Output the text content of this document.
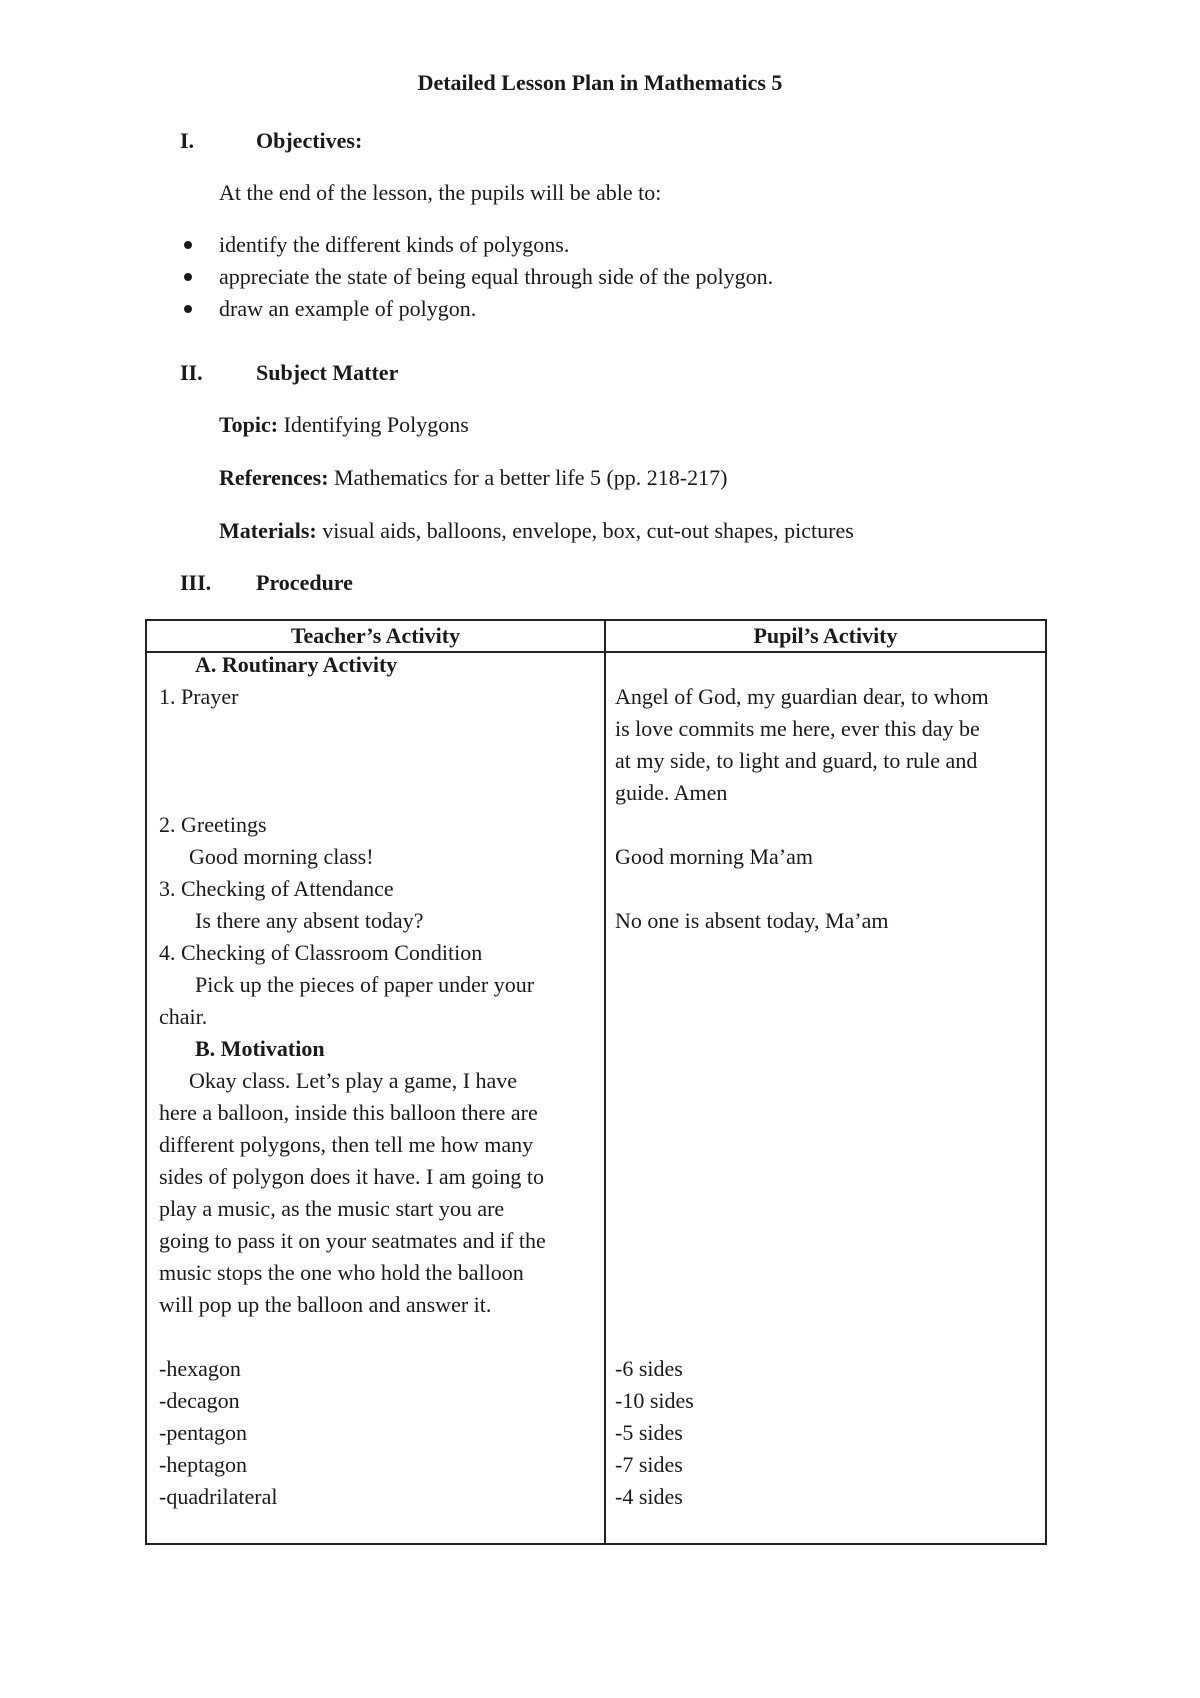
Detailed Lesson Plan in Mathematics 5
I.	Objectives:
At the end of the lesson, the pupils will be able to:
identify the different kinds of polygons.
appreciate the state of being equal through side of the polygon.
draw an example of polygon.
II. Subject Matter
Topic: Identifying Polygons
References: Mathematics for a better life 5 (pp. 218-217)
Materials: visual aids, balloons, envelope, box, cut-out shapes, pictures
III. Procedure
Teacher’s Activity	Pupil’s Activity
A. Routinary Activity
1. Prayer
2. Greetings
Good morning class!
3. Checking of Attendance
Is there any absent today?
4. Checking of Classroom Condition
Pick up the pieces of paper under your
chair.
B. Motivation
Okay class. Let’s play a game, I have
here a balloon, inside this balloon there are
different polygons, then tell me how many
sides of polygon does it have. I am going to
play a music, as the music start you are
going to pass it on your seatmates and if the
music stops the one who hold the balloon
will pop up the balloon and answer it.
-hexagon
-decagon
-pentagon
-heptagon
-quadrilateral
Angel of God, my guardian dear, to whom
is love commits me here, ever this day be
at my side, to light and guard, to rule and
guide. Amen
Good morning Ma’am
No one is absent today, Ma’am
-6 sides
-10 sides
-5 sides
-7 sides
-4 sides
